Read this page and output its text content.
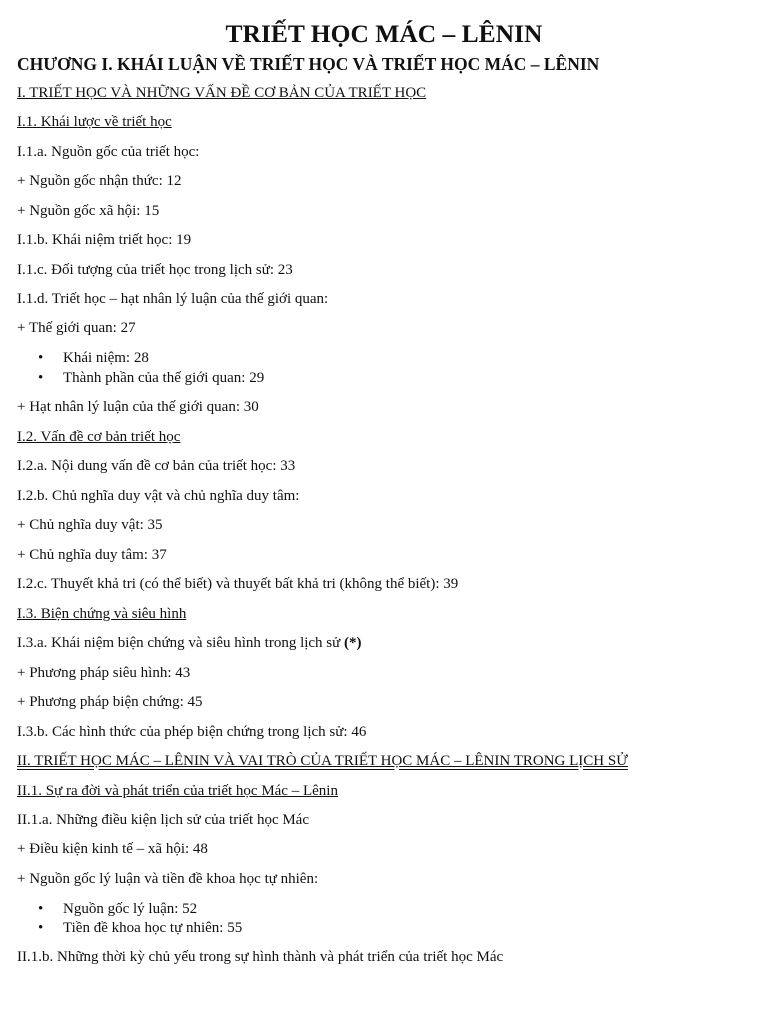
TRIẾT HỌC MÁC – LÊNIN
CHƯƠNG I. KHÁI LUẬN VỀ TRIẾT HỌC VÀ TRIẾT HỌC MÁC – LÊNIN
I. TRIẾT HỌC VÀ NHỮNG VẤN ĐỀ CƠ BẢN CỦA TRIẾT HỌC
I.1. Khái lược về triết học
I.1.a. Nguồn gốc của triết học:
+ Nguồn gốc nhận thức: 12
+ Nguồn gốc xã hội: 15
I.1.b. Khái niệm triết học: 19
I.1.c. Đối tượng của triết học trong lịch sử: 23
I.1.d. Triết học – hạt nhân lý luận của thế giới quan:
+ Thế giới quan: 27
• Khái niệm: 28
• Thành phần của thế giới quan: 29
+ Hạt nhân lý luận của thế giới quan: 30
I.2. Vấn đề cơ bản triết học
I.2.a. Nội dung vấn đề cơ bản của triết học: 33
I.2.b. Chủ nghĩa duy vật và chủ nghĩa duy tâm:
+ Chủ nghĩa duy vật: 35
+ Chủ nghĩa duy tâm: 37
I.2.c. Thuyết khả tri (có thể biết) và thuyết bất khả tri (không thể biết): 39
I.3. Biện chứng và siêu hình
I.3.a. Khái niệm biện chứng và siêu hình trong lịch sử (*)
+ Phương pháp siêu hình: 43
+ Phương pháp biện chứng: 45
I.3.b. Các hình thức của phép biện chứng trong lịch sử: 46
II. TRIẾT HỌC MÁC – LÊNIN VÀ VAI TRÒ CỦA TRIẾT HỌC MÁC – LÊNIN TRONG LỊCH SỬ
II.1. Sự ra đời và phát triển của triết học Mác – Lênin
II.1.a. Những điều kiện lịch sử của triết học Mác
+ Điều kiện kinh tế – xã hội: 48
+ Nguồn gốc lý luận và tiền đề khoa học tự nhiên:
• Nguồn gốc lý luận: 52
• Tiền đề khoa học tự nhiên: 55
II.1.b. Những thời kỳ chủ yếu trong sự hình thành và phát triển của triết học Mác
